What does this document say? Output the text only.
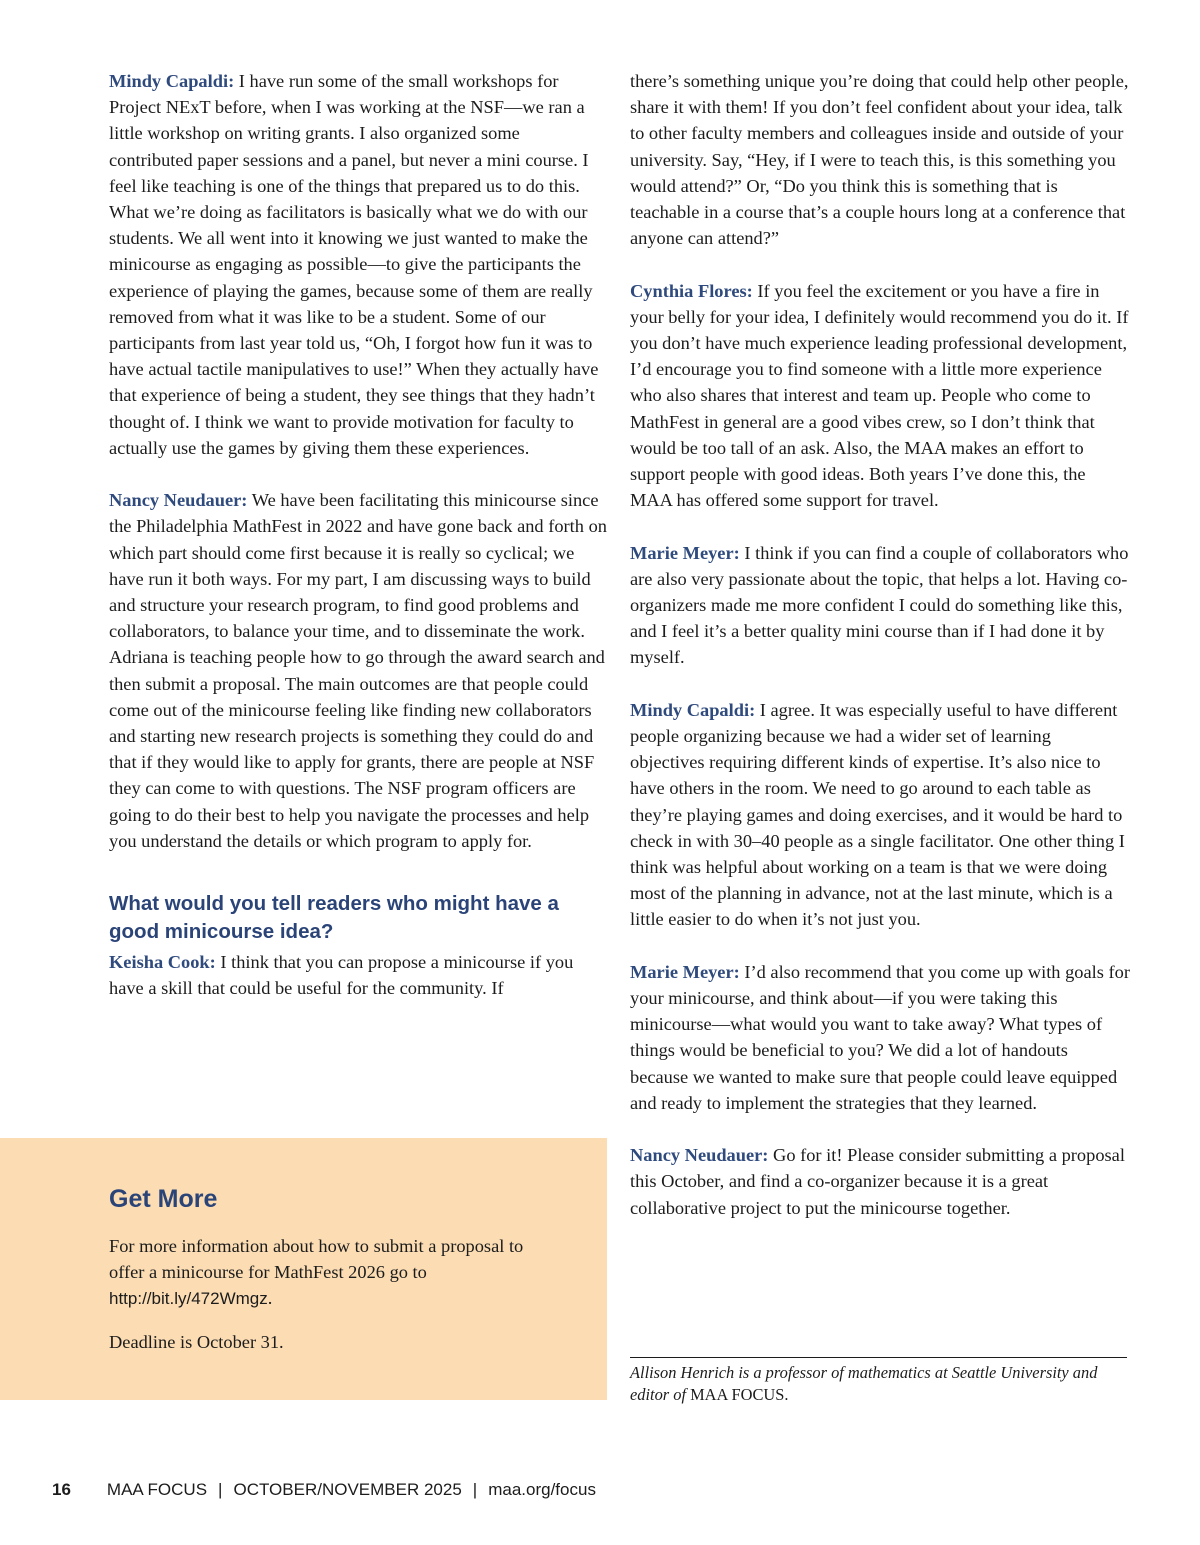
Mindy Capaldi: I have run some of the small workshops for Project NExT before, when I was working at the NSF—we ran a little workshop on writing grants. I also organized some contributed paper sessions and a panel, but never a mini course. I feel like teaching is one of the things that prepared us to do this. What we’re doing as facilitators is basically what we do with our students. We all went into it knowing we just wanted to make the minicourse as engaging as possible—to give the participants the experience of playing the games, because some of them are really removed from what it was like to be a student. Some of our participants from last year told us, “Oh, I forgot how fun it was to have actual tactile manipulatives to use!” When they actually have that experience of being a student, they see things that they hadn’t thought of. I think we want to provide motivation for faculty to actually use the games by giving them these experiences.

Nancy Neudauer: We have been facilitating this minicourse since the Philadelphia MathFest in 2022 and have gone back and forth on which part should come first because it is really so cyclical; we have run it both ways. For my part, I am discussing ways to build and structure your research program, to find good problems and collaborators, to balance your time, and to disseminate the work. Adriana is teaching people how to go through the award search and then submit a proposal. The main outcomes are that people could come out of the minicourse feeling like finding new collaborators and starting new research projects is something they could do and that if they would like to apply for grants, there are people at NSF they can come to with questions. The NSF program officers are going to do their best to help you navigate the processes and help you understand the details or which program to apply for.

What would you tell readers who might have a good minicourse idea?

Keisha Cook: I think that you can propose a minicourse if you have a skill that could be useful for the community. If

Get More

For more information about how to submit a proposal to offer a minicourse for MathFest 2026 go to http://bit.ly/472Wmgz.

Deadline is October 31.

there’s something unique you’re doing that could help other people, share it with them! If you don’t feel confident about your idea, talk to other faculty members and colleagues inside and outside of your university. Say, “Hey, if I were to teach this, is this something you would attend?” Or, “Do you think this is something that is teachable in a course that’s a couple hours long at a conference that anyone can attend?”

Cynthia Flores: If you feel the excitement or you have a fire in your belly for your idea, I definitely would recommend you do it. If you don’t have much experience leading professional development, I’d encourage you to find someone with a little more experience who also shares that interest and team up. People who come to MathFest in general are a good vibes crew, so I don’t think that would be too tall of an ask. Also, the MAA makes an effort to support people with good ideas. Both years I’ve done this, the MAA has offered some support for travel.

Marie Meyer: I think if you can find a couple of collaborators who are also very passionate about the topic, that helps a lot. Having co-organizers made me more confident I could do something like this, and I feel it’s a better quality mini course than if I had done it by myself.

Mindy Capaldi: I agree. It was especially useful to have different people organizing because we had a wider set of learning objectives requiring different kinds of expertise. It’s also nice to have others in the room. We need to go around to each table as they’re playing games and doing exercises, and it would be hard to check in with 30–40 people as a single facilitator. One other thing I think was helpful about working on a team is that we were doing most of the planning in advance, not at the last minute, which is a little easier to do when it’s not just you.

Marie Meyer: I’d also recommend that you come up with goals for your minicourse, and think about—if you were taking this minicourse—what would you want to take away? What types of things would be beneficial to you? We did a lot of handouts because we wanted to make sure that people could leave equipped and ready to implement the strategies that they learned.

Nancy Neudauer: Go for it! Please consider submitting a proposal this October, and find a co-organizer because it is a great collaborative project to put the minicourse together.

Allison Henrich is a professor of mathematics at Seattle University and editor of MAA FOCUS.

16 MAA FOCUS | OCTOBER/NOVEMBER 2025 | maa.org/focus
